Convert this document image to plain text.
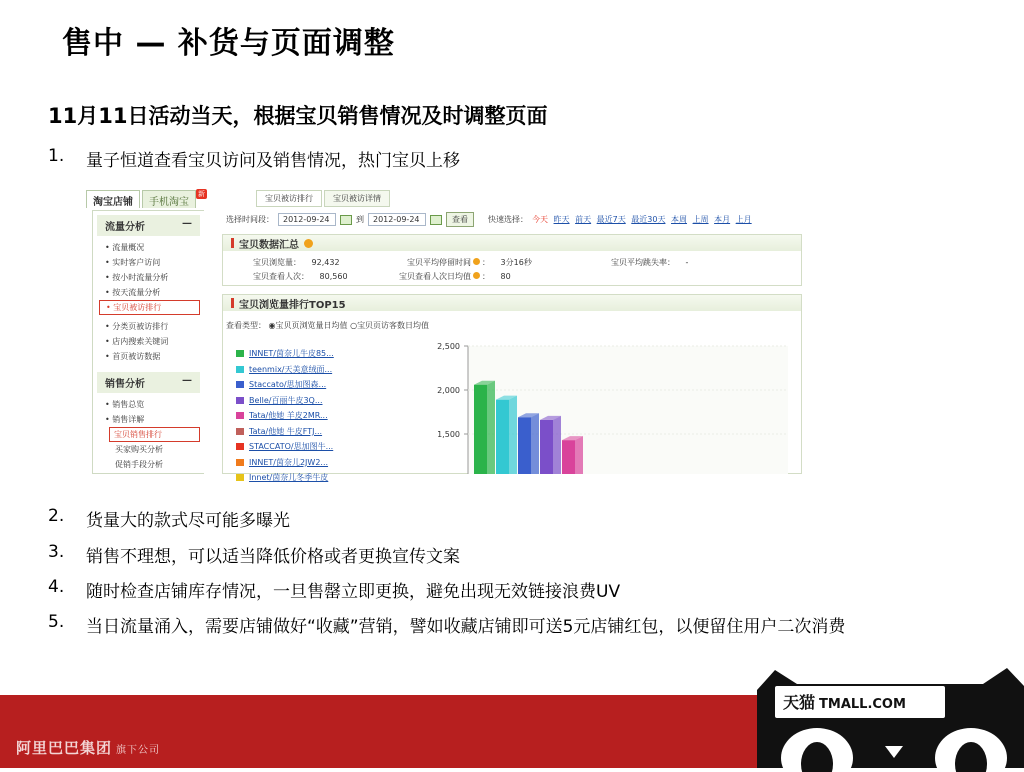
售中 — 补货与页面调整
11月11日活动当天，根据宝贝销售情况及时调整页面
1.	量子恒道查看宝贝访问及销售情况，热门宝贝上移
淘宝店铺	手机淘宝
新
流量分析	—
• 流量概况
• 实时客户访问
• 按小时流量分析
• 按天流量分析
• 宝贝被访排行
• 分类页被访排行
• 店内搜索关键词
• 首页被访数据
销售分析	—
• 销售总览
• 销售详解
宝贝销售排行
买家购买分析
促销手段分析
宝贝被访排行	宝贝被访详情
选择时间段：	2012-09-24	到	2012-09-24	查看	快速选择： 今天 昨天 前天 最近7天 最近30天 本周 上周 本月 上月
宝贝数据汇总
宝贝浏览量： 92,432	宝贝平均停留时间 ： 3分16秒	宝贝平均跳失率： -
宝贝查看人次： 80,560	宝贝查看人次日均值 ： 80
宝贝浏览量排行TOP15
查看类型： ◉宝贝页浏览量日均值 ○宝贝页访客数日均值
INNET/茵奈儿牛皮85...
teenmix/天美意绒面...
Staccato/思加图森...
Belle/百丽牛皮3Q...
Tata/他她 羊皮2MR...
Tata/他她 牛皮FTJ...
STACCATO/思加图牛...
INNET/茵奈儿2JW2...
Innet/茵奈儿冬季牛皮
2,500
2,000
1,500
2.	货量大的款式尽可能多曝光
3.	销售不理想，可以适当降低价格或者更换宣传文案
4.	随时检查店铺库存情况，一旦售罄立即更换，避免出现无效链接浪费UV
5.	当日流量涌入，需要店铺做好“收藏”营销，譬如收藏店铺即可送5元店铺红包，以便留住用户二次消费
阿里巴巴集团 旗下公司
天猫 TMALL.COM
